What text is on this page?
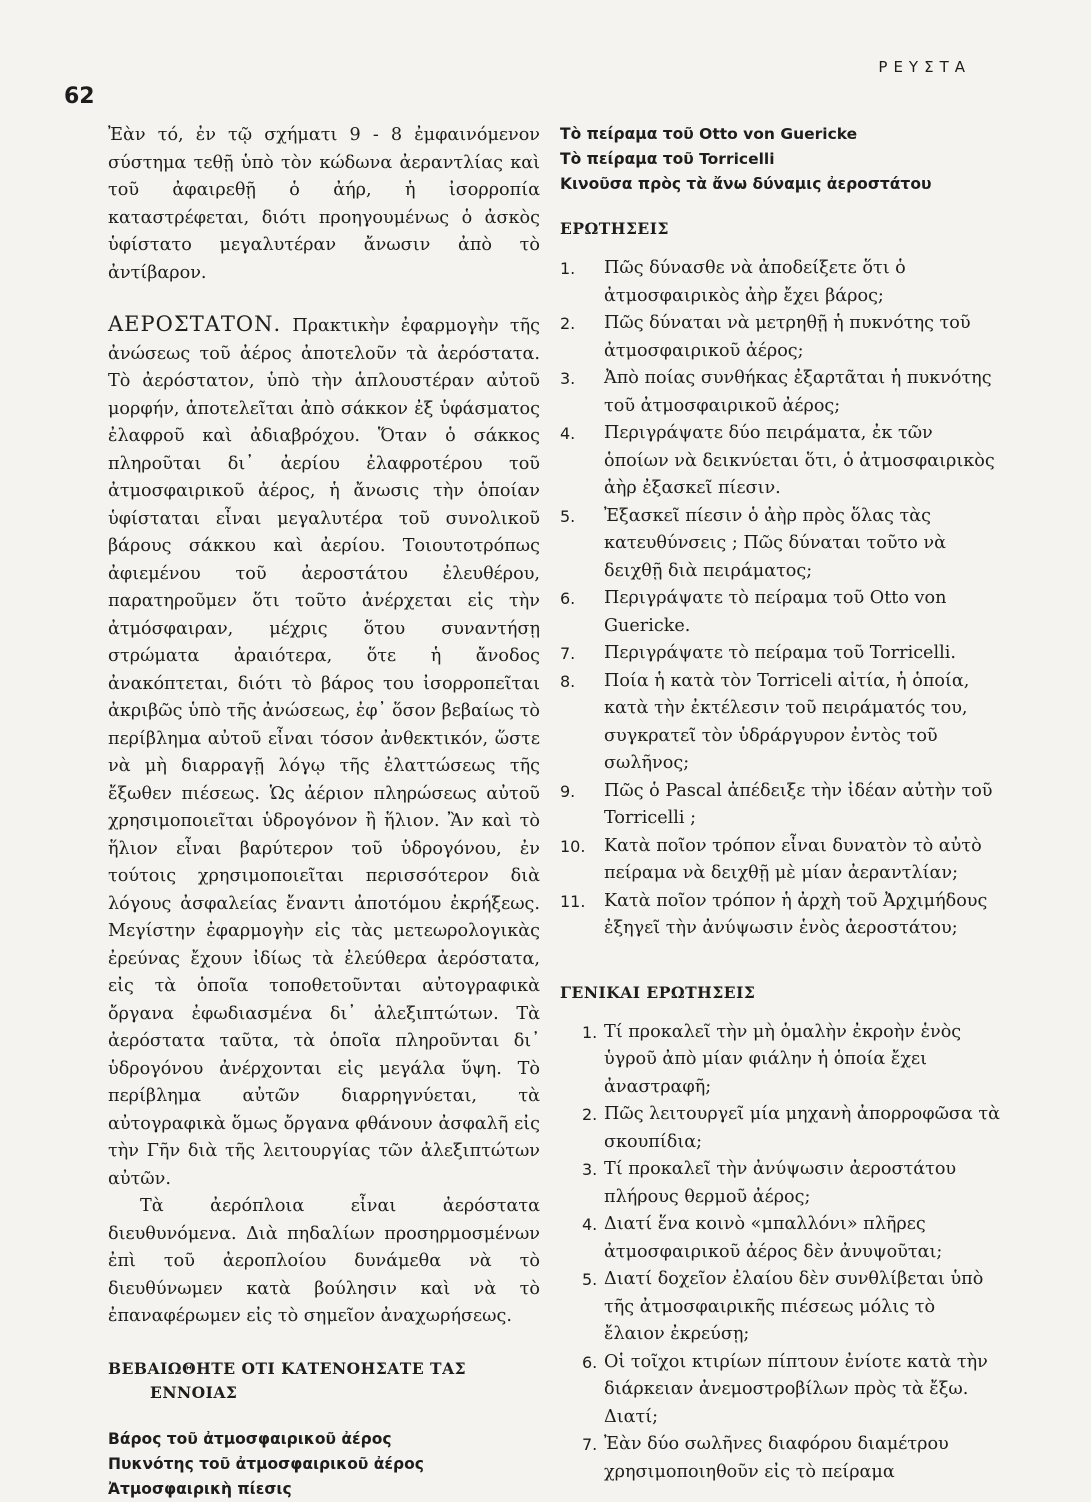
62
ΡΕΥΣΤΑ

Ἐὰν τό, ἐν τῷ σχήματι 9 - 8 ἐμφαινόμενον σύστημα τεθῇ ὑπὸ τὸν κώδωνα ἀεραντλίας καὶ τοῦ ἀφαιρεθῇ ὁ ἀήρ, ἡ ἰσορροπία καταστρέφεται, διότι προηγουμένως ὁ ἀσκὸς ὑφίστατο μεγαλυτέραν ἄνωσιν ἀπὸ τὸ ἀντίβαρον.

ΑΕΡΟΣΤΑΤΟΝ. Πρακτικὴν ἐφαρμογὴν τῆς ἀνώσεως τοῦ ἀέρος ἀποτελοῦν τὰ ἀερόστατα. Τὸ ἀερόστατον, ὑπὸ τὴν ἁπλουστέραν αὐτοῦ μορφήν, ἀποτελεῖται ἀπὸ σάκκον ἐξ ὑφάσματος ἐλαφροῦ καὶ ἀδιαβρόχου. Ὅταν ὁ σάκκος πληροῦται δι᾽ ἀερίου ἐλαφροτέρου τοῦ ἀτμοσφαιρικοῦ ἀέρος, ἡ ἄνωσις τὴν ὁποίαν ὑφίσταται εἶναι μεγαλυτέρα τοῦ συνολικοῦ βάρους σάκκου καὶ ἀερίου. Τοιουτοτρόπως ἀφιεμένου τοῦ ἀεροστάτου ἐλευθέρου, παρατηροῦμεν ὅτι τοῦτο ἀνέρχεται εἰς τὴν ἀτμόσφαιραν, μέχρις ὅτου συναντήσῃ στρώματα ἀραιότερα, ὅτε ἡ ἄνοδος ἀνακόπτεται, διότι τὸ βάρος του ἰσορροπεῖται ἀκριβῶς ὑπὸ τῆς ἀνώσεως, ἐφ᾽ ὅσον βεβαίως τὸ περίβλημα αὐτοῦ εἶναι τόσον ἀνθεκτικόν, ὥστε νὰ μὴ διαρραγῇ λόγῳ τῆς ἐλαττώσεως τῆς ἔξωθεν πιέσεως. Ὡς ἀέριον πληρώσεως αὐτοῦ χρησιμοποιεῖται ὑδρογόνον ἢ ἥλιον. Ἂν καὶ τὸ ἥλιον εἶναι βαρύτερον τοῦ ὑδρογόνου, ἐν τούτοις χρησιμοποιεῖται περισσότερον διὰ λόγους ἀσφαλείας ἔναντι ἀποτόμου ἐκρήξεως. Μεγίστην ἐφαρμογὴν εἰς τὰς μετεωρολογικὰς ἐρεύνας ἔχουν ἰδίως τὰ ἐλεύθερα ἀερόστατα, εἰς τὰ ὁποῖα τοποθετοῦνται αὐτογραφικὰ ὄργανα ἐφωδιασμένα δι᾽ ἀλεξιπτώτων. Τὰ ἀερόστατα ταῦτα, τὰ ὁποῖα πληροῦνται δι᾽ ὑδρογόνου ἀνέρχονται εἰς μεγάλα ὕψη. Τὸ περίβλημα αὐτῶν διαρρηγνύεται, τὰ αὐτογραφικὰ ὅμως ὄργανα φθάνουν ἀσφαλῆ εἰς τὴν Γῆν διὰ τῆς λειτουργίας τῶν ἀλεξιπτώτων αὐτῶν.

Τὰ ἀερόπλοια εἶναι ἀερόστατα διευθυνόμενα. Διὰ πηδαλίων προσηρμοσμένων ἐπὶ τοῦ ἀεροπλοίου δυνάμεθα νὰ τὸ διευθύνωμεν κατὰ βούλησιν καὶ νὰ τὸ ἐπαναφέρωμεν εἰς τὸ σημεῖον ἀναχωρήσεως.

ΒΕΒΑΙΩΘΗΤΕ ΟΤΙ ΚΑΤΕΝΟΗΣΑΤΕ ΤΑΣ
ΕΝΝΟΙΑΣ

Βάρος τοῦ ἀτμοσφαιρικοῦ ἀέρος
Πυκνότης τοῦ ἀτμοσφαιρικοῦ ἀέρος
Ἀτμοσφαιρικὴ πίεσις
Τὸ πείραμα τοῦ Otto von Guericke
Τὸ πείραμα τοῦ Torricelli
Κινοῦσα πρὸς τὰ ἄνω δύναμις ἀεροστάτου

ΕΡΩΤΗΣΕΙΣ

1. Πῶς δύνασθε νὰ ἀποδείξετε ὅτι ὁ ἀτμοσφαιρικὸς ἀὴρ ἔχει βάρος;
2. Πῶς δύναται νὰ μετρηθῇ ἡ πυκνότης τοῦ ἀτμοσφαιρικοῦ ἀέρος;
3. Ἀπὸ ποίας συνθήκας ἐξαρτᾶται ἡ πυκνότης τοῦ ἀτμοσφαιρικοῦ ἀέρος;
4. Περιγράψατε δύο πειράματα, ἐκ τῶν ὁποίων νὰ δεικνύεται ὅτι, ὁ ἀτμοσφαιρικὸς ἀὴρ ἐξασκεῖ πίεσιν.
5. Ἐξασκεῖ πίεσιν ὁ ἀὴρ πρὸς ὅλας τὰς κατευθύνσεις ; Πῶς δύναται τοῦτο νὰ δειχθῇ διὰ πειράματος;
6. Περιγράψατε τὸ πείραμα τοῦ Otto von Guericke.
7. Περιγράψατε τὸ πείραμα τοῦ Torricelli.
8. Ποία ἡ κατὰ τὸν Torriceli αἰτία, ἡ ὁποία, κατὰ τὴν ἐκτέλεσιν τοῦ πειράματός του, συγκρατεῖ τὸν ὑδράργυρον ἐντὸς τοῦ σωλῆνος;
9. Πῶς ὁ Pascal ἀπέδειξε τὴν ἰδέαν αὐτὴν τοῦ Torricelli ;
10. Κατὰ ποῖον τρόπον εἶναι δυνατὸν τὸ αὐτὸ πείραμα νὰ δειχθῇ μὲ μίαν ἀεραντλίαν;
11. Κατὰ ποῖον τρόπον ἡ ἀρχὴ τοῦ Ἀρχιμήδους ἐξηγεῖ τὴν ἀνύψωσιν ἑνὸς ἀεροστάτου;

ΓΕΝΙΚΑΙ ΕΡΩΤΗΣΕΙΣ

1. Τί προκαλεῖ τὴν μὴ ὁμαλὴν ἐκροὴν ἑνὸς ὑγροῦ ἀπὸ μίαν φιάλην ἡ ὁποία ἔχει ἀναστραφῆ;
2. Πῶς λειτουργεῖ μία μηχανὴ ἀπορροφῶσα τὰ σκουπίδια;
3. Τί προκαλεῖ τὴν ἀνύψωσιν ἀεροστάτου πλήρους θερμοῦ ἀέρος;
4. Διατί ἕνα κοινὸ «μπαλλόνι» πλῆρες ἀτμοσφαιρικοῦ ἀέρος δὲν ἀνυψοῦται;
5. Διατί δοχεῖον ἐλαίου δὲν συνθλίβεται ὑπὸ τῆς ἀτμοσφαιρικῆς πιέσεως μόλις τὸ ἔλαιον ἐκρεύσῃ;
6. Οἱ τοῖχοι κτιρίων πίπτουν ἐνίοτε κατὰ τὴν διάρκειαν ἀνεμοστροβίλων πρὸς τὰ ἔξω. Διατί;
7. Ἐὰν δύο σωλῆνες διαφόρου διαμέτρου χρησιμοποιηθοῦν εἰς τὸ πείραμα
